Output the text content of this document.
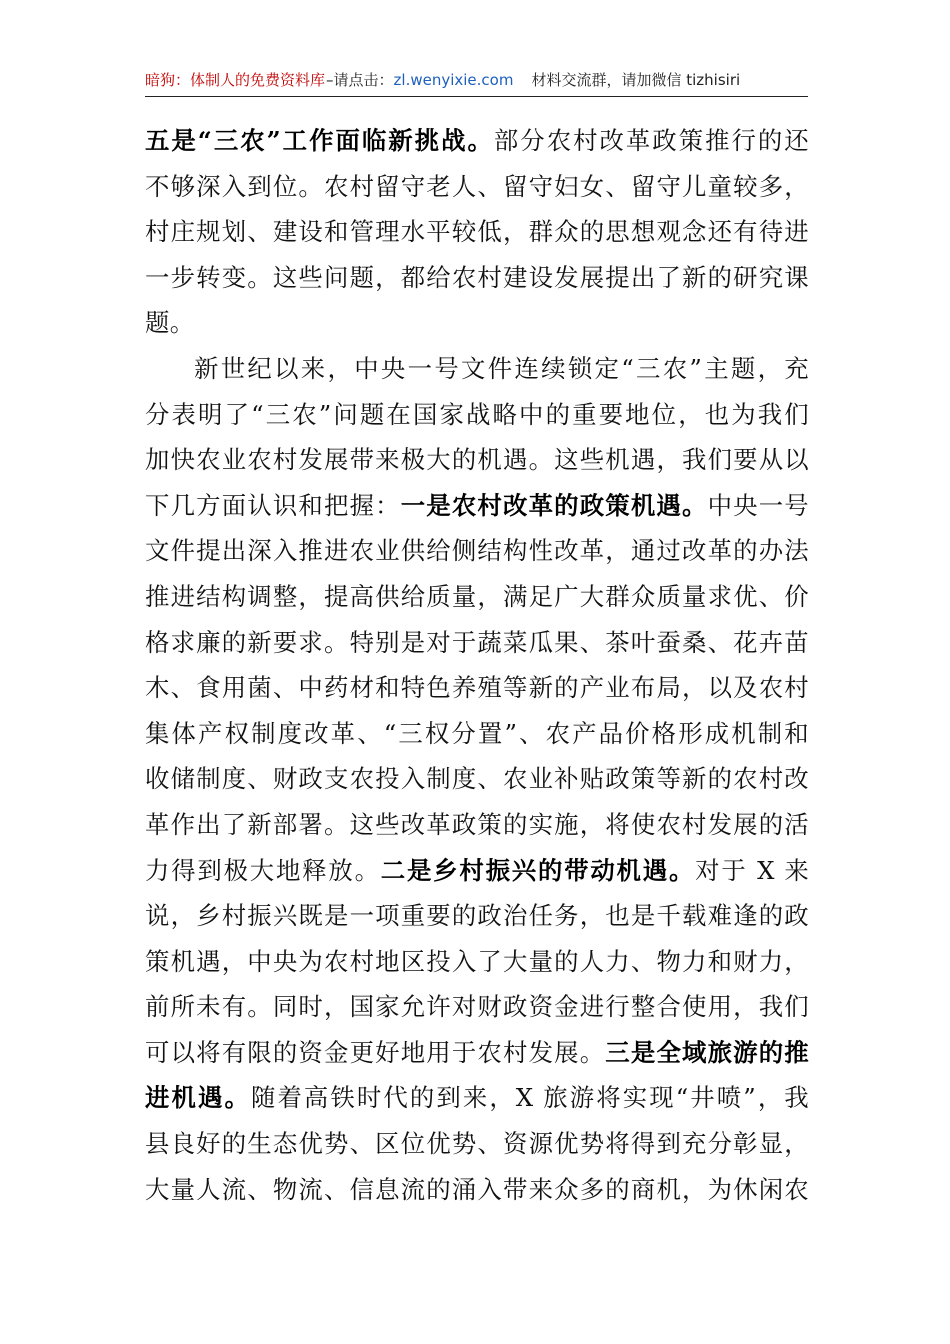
暗狗：体制人的免费资料库–请点击：zl.wenyixie.com 材料交流群，请加微信 tizhisiri
五是“三农”工作面临新挑战。部分农村改革政策推行的还
不够深入到位。农村留守老人、留守妇女、留守儿童较多，
村庄规划、建设和管理水平较低，群众的思想观念还有待进
一步转变。这些问题，都给农村建设发展提出了新的研究课
题。
新世纪以来，中央一号文件连续锁定“三农”主题，充
分表明了“三农”问题在国家战略中的重要地位，也为我们
加快农业农村发展带来极大的机遇。这些机遇，我们要从以
下几方面认识和把握：一是农村改革的政策机遇。中央一号
文件提出深入推进农业供给侧结构性改革，通过改革的办法
推进结构调整，提高供给质量，满足广大群众质量求优、价
格求廉的新要求。特别是对于蔬菜瓜果、茶叶蚕桑、花卉苗
木、食用菌、中药材和特色养殖等新的产业布局，以及农村
集体产权制度改革、“三权分置”、农产品价格形成机制和
收储制度、财政支农投入制度、农业补贴政策等新的农村改
革作出了新部署。这些改革政策的实施，将使农村发展的活
力得到极大地释放。二是乡村振兴的带动机遇。对于 X 来
说，乡村振兴既是一项重要的政治任务，也是千载难逢的政
策机遇，中央为农村地区投入了大量的人力、物力和财力，
前所未有。同时，国家允许对财政资金进行整合使用，我们
可以将有限的资金更好地用于农村发展。三是全域旅游的推
进机遇。随着高铁时代的到来，X 旅游将实现“井喷”，我
县良好的生态优势、区位优势、资源优势将得到充分彰显，
大量人流、物流、信息流的涌入带来众多的商机，为休闲农
